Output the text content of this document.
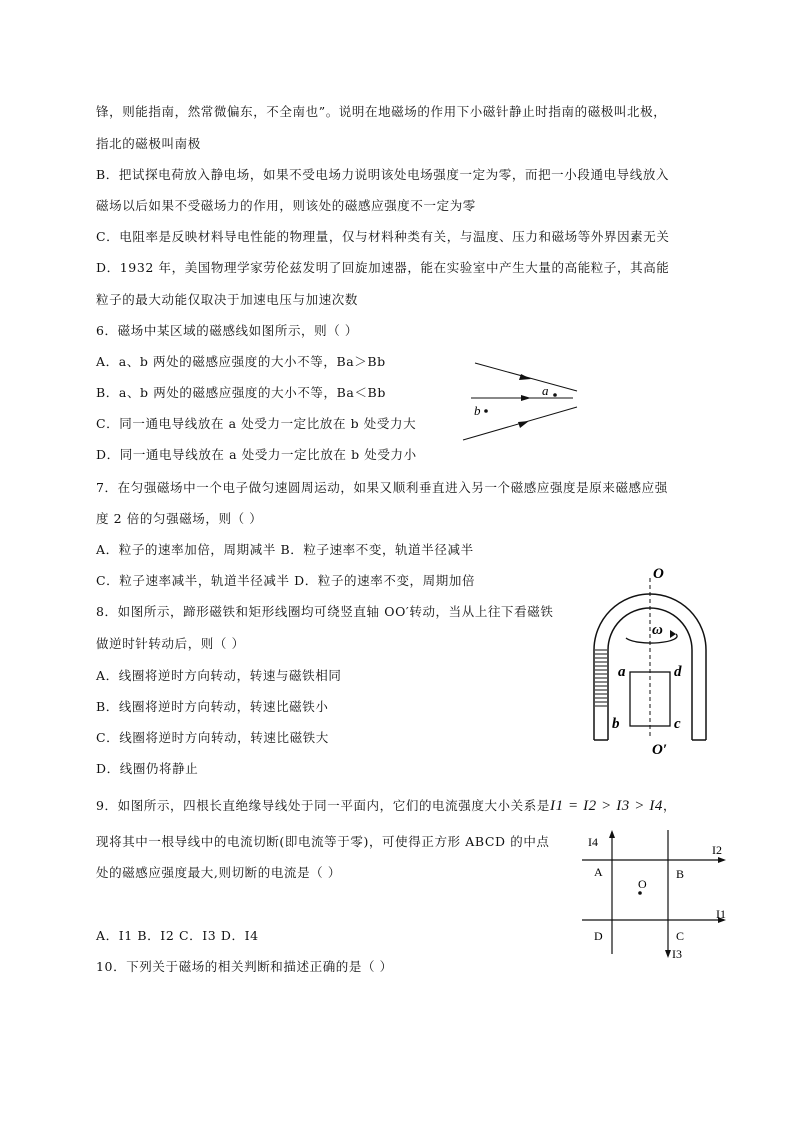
锋，则能指南，然常微偏东，不全南也”。说明在地磁场的作用下小磁针静止时指南的磁极叫北极，
指北的磁极叫南极
B．把试探电荷放入静电场，如果不受电场力说明该处电场强度一定为零，而把一小段通电导线放入
磁场以后如果不受磁场力的作用，则该处的磁感应强度不一定为零
C．电阻率是反映材料导电性能的物理量，仅与材料种类有关，与温度、压力和磁场等外界因素无关
D．1932 年，美国物理学家劳伦兹发明了回旋加速器，能在实验室中产生大量的高能粒子，其高能
粒子的最大动能仅取决于加速电压与加速次数
6．磁场中某区域的磁感线如图所示，则（ ）
A．a、b 两处的磁感应强度的大小不等，Ba＞Bb
B．a、b 两处的磁感应强度的大小不等，Ba＜Bb
C．同一通电导线放在 a 处受力一定比放在 b 处受力大
D．同一通电导线放在 a 处受力一定比放在 b 处受力小
a
b
7．在匀强磁场中一个电子做匀速圆周运动，如果又顺利垂直进入另一个磁感应强度是原来磁感应强
度 2 倍的匀强磁场，则（ ）
A．粒子的速率加倍，周期减半 B．粒子速率不变，轨道半径减半
C．粒子速率减半，轨道半径减半 D．粒子的速率不变，周期加倍
8．如图所示，蹄形磁铁和矩形线圈均可绕竖直轴 OO′转动，当从上往下看磁铁
做逆时针转动后，则（ ）
A．线圈将逆时方向转动，转速与磁铁相同
B．线圈将逆时方向转动，转速比磁铁小
C．线圈将逆时方向转动，转速比磁铁大
D．线圈仍将静止
O
O′
ω
a	d
b	c
9．如图所示，四根长直绝缘导线处于同一平面内，它们的电流强度大小关系是I1 = I2 > I3 > I4，
现将其中一根导线中的电流切断(即电流等于零)，可使得正方形 ABCD 的中点
处的磁感应强度最大,则切断的电流是（ ）
A．I1 B．I2 C．I3 D．I4
I4
I2
I1
I3
A	B
C
D
O
10．下列关于磁场的相关判断和描述正确的是（ ）
